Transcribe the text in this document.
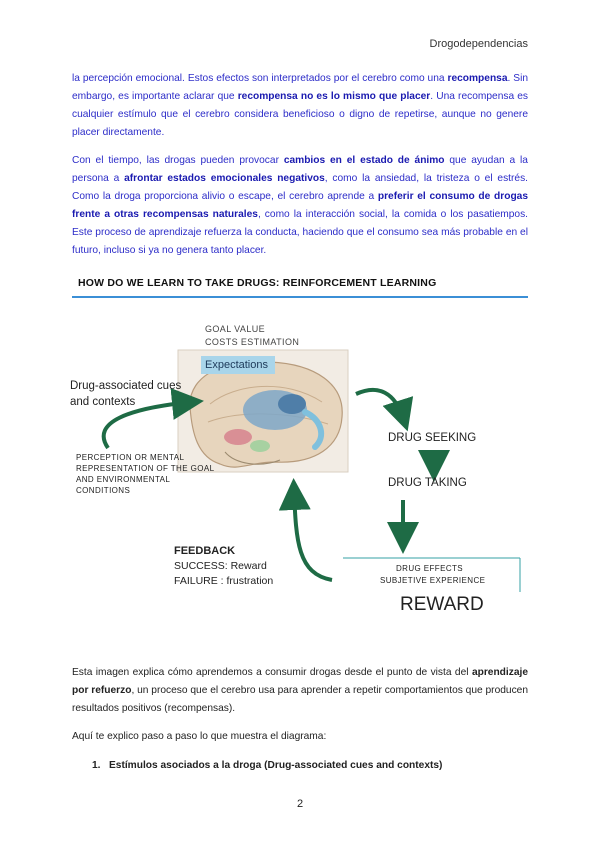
Drogodependencias

la percepción emocional. Estos efectos son interpretados por el cerebro como una recompensa. Sin embargo, es importante aclarar que recompensa no es lo mismo que placer. Una recompensa es cualquier estímulo que el cerebro considera beneficioso o digno de repetirse, aunque no genere placer directamente.

Con el tiempo, las drogas pueden provocar cambios en el estado de ánimo que ayudan a la persona a afrontar estados emocionales negativos, como la ansiedad, la tristeza o el estrés. Como la droga proporciona alivio o escape, el cerebro aprende a preferir el consumo de drogas frente a otras recompensas naturales, como la interacción social, la comida o los pasatiempos. Este proceso de aprendizaje refuerza la conducta, haciendo que el consumo sea más probable en el futuro, incluso si ya no genera tanto placer.

HOW DO WE LEARN TO TAKE DRUGS: REINFORCEMENT LEARNING
GOAL VALUE
COSTS ESTIMATION
Expectations
Drug-associated cues
and contexts
PERCEPTION OR MENTAL
REPRESENTATION OF THE GOAL
AND ENVIRONMENTAL
CONDITIONS
DRUG SEEKING
DRUG TAKING
FEEDBACK
SUCCESS: Reward
FAILURE : frustration
DRUG EFFECTS
SUBJETIVE EXPERIENCE
REWARD

Esta imagen explica cómo aprendemos a consumir drogas desde el punto de vista del aprendizaje por refuerzo, un proceso que el cerebro usa para aprender a repetir comportamientos que producen resultados positivos (recompensas).

Aquí te explico paso a paso lo que muestra el diagrama:

1. Estímulos asociados a la droga (Drug-associated cues and contexts)
2
